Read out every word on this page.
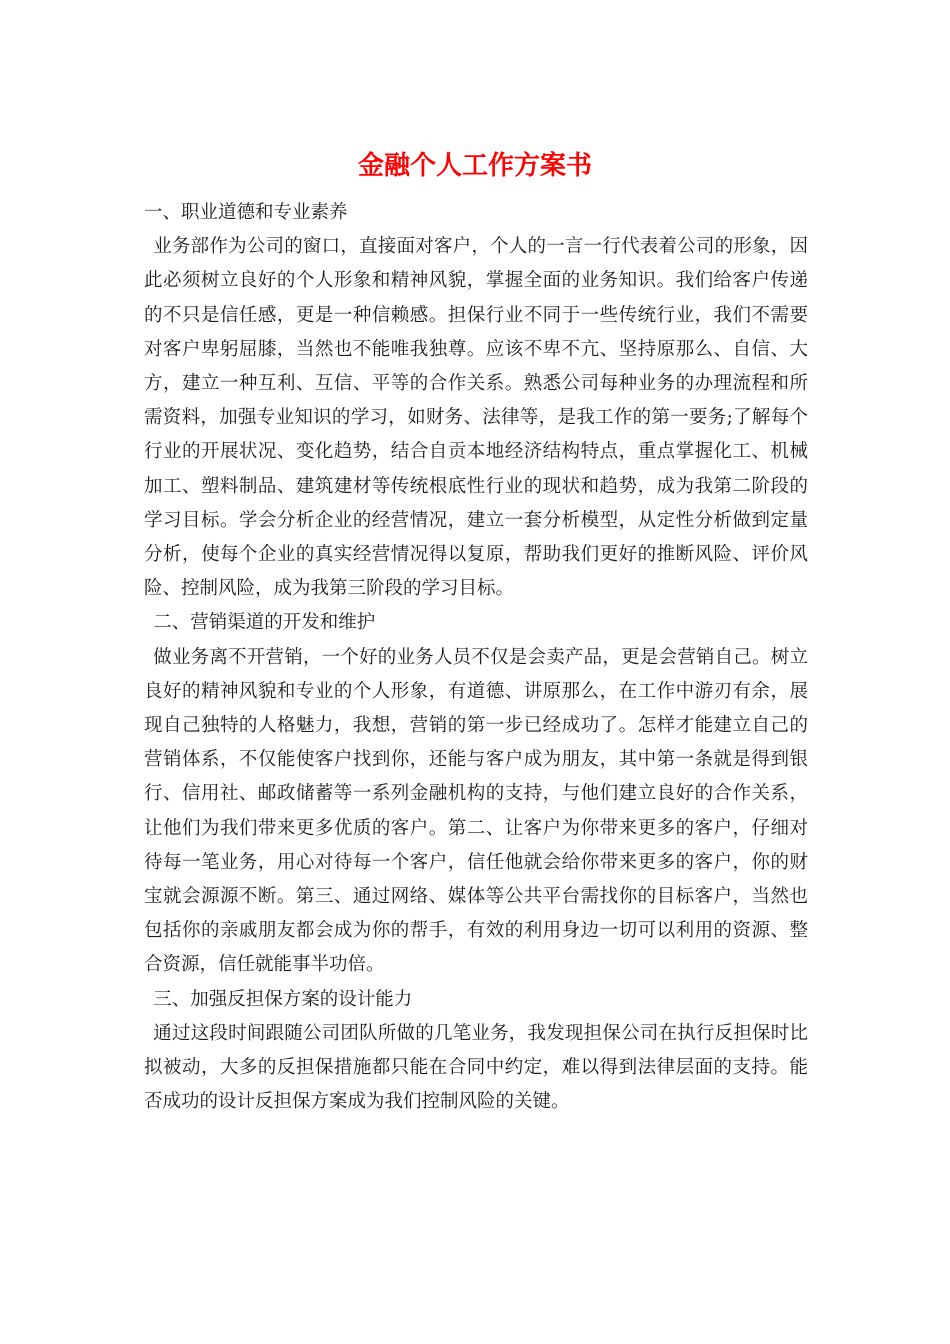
金融个人工作方案书

一、职业道德和专业素养

业务部作为公司的窗口，直接面对客户，个人的一言一行代表着公司的形象，因此必须树立良好的个人形象和精神风貌，掌握全面的业务知识。我们给客户传递的不只是信任感，更是一种信赖感。担保行业不同于一些传统行业，我们不需要对客户卑躬屈膝，当然也不能唯我独尊。应该不卑不亢、坚持原那么、自信、大方，建立一种互利、互信、平等的合作关系。熟悉公司每种业务的办理流程和所需资料，加强专业知识的学习，如财务、法律等，是我工作的第一要务;了解每个行业的开展状况、变化趋势，结合自贡本地经济结构特点，重点掌握化工、机械加工、塑料制品、建筑建材等传统根底性行业的现状和趋势，成为我第二阶段的学习目标。学会分析企业的经营情况，建立一套分析模型，从定性分析做到定量分析，使每个企业的真实经营情况得以复原，帮助我们更好的推断风险、评价风险、控制风险，成为我第三阶段的学习目标。

二、营销渠道的开发和维护

做业务离不开营销，一个好的业务人员不仅是会卖产品，更是会营销自己。树立良好的精神风貌和专业的个人形象，有道德、讲原那么，在工作中游刃有余，展现自己独特的人格魅力，我想，营销的第一步已经成功了。怎样才能建立自己的营销体系，不仅能使客户找到你，还能与客户成为朋友，其中第一条就是得到银行、信用社、邮政储蓄等一系列金融机构的支持，与他们建立良好的合作关系，让他们为我们带来更多优质的客户。第二、让客户为你带来更多的客户，仔细对待每一笔业务，用心对待每一个客户，信任他就会给你带来更多的客户，你的财宝就会源源不断。第三、通过网络、媒体等公共平台需找你的目标客户，当然也包括你的亲戚朋友都会成为你的帮手，有效的利用身边一切可以利用的资源、整合资源，信任就能事半功倍。

三、加强反担保方案的设计能力

通过这段时间跟随公司团队所做的几笔业务，我发现担保公司在执行反担保时比拟被动，大多的反担保措施都只能在合同中约定，难以得到法律层面的支持。能否成功的设计反担保方案成为我们控制风险的关键。
